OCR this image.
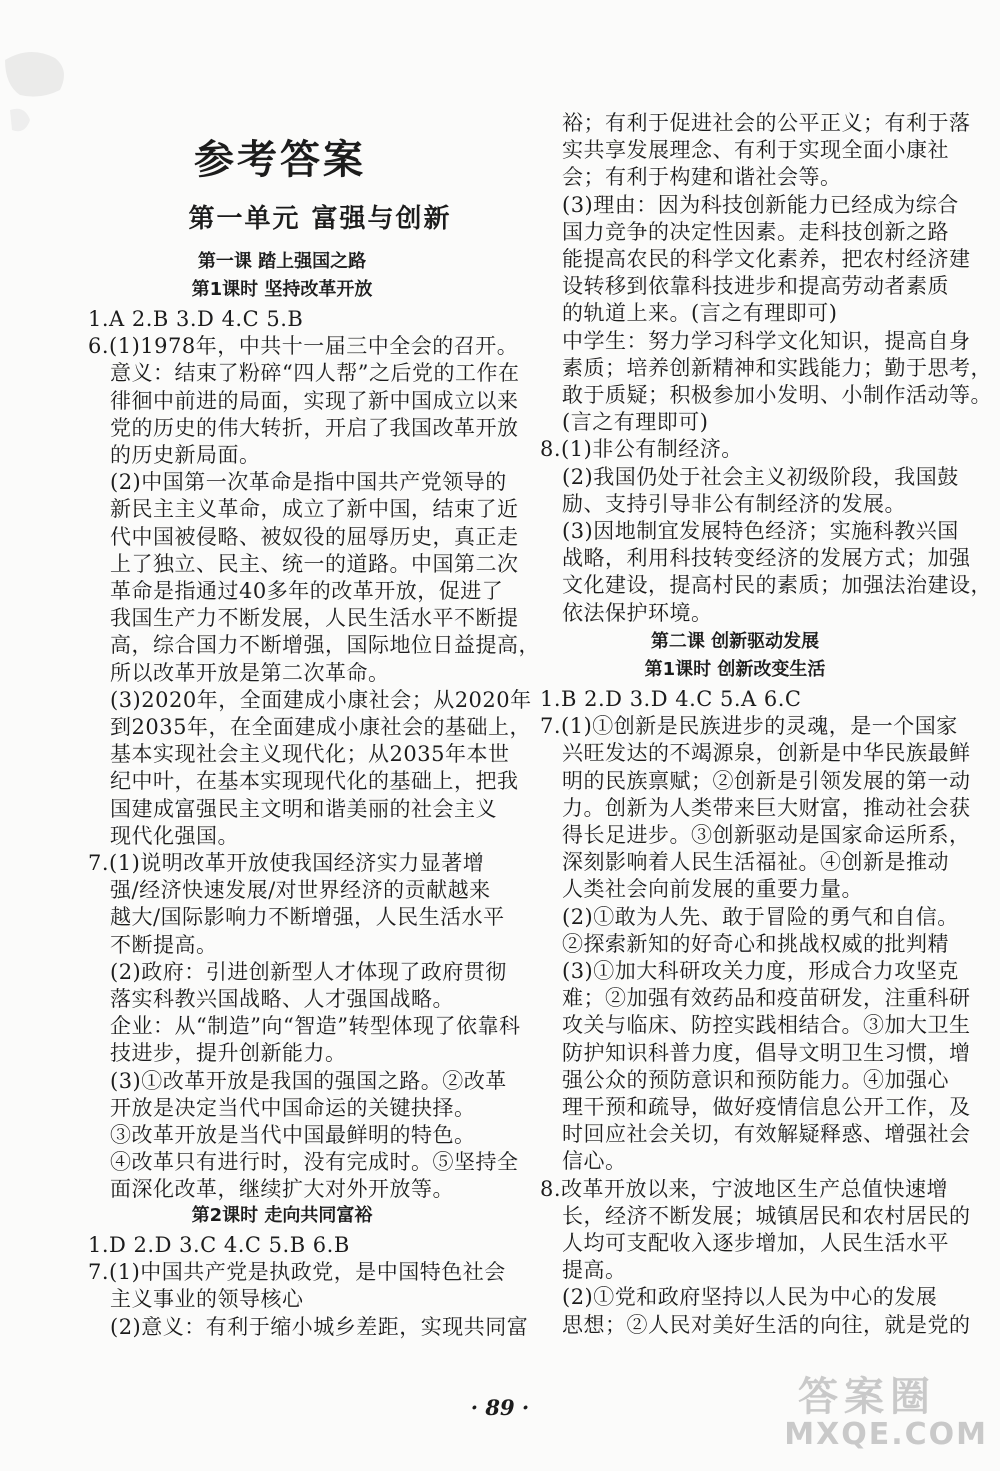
参考答案
第一单元 富强与创新
第一课 踏上强国之路
第1课时 坚持改革开放
1.A 2.B 3.D 4.C 5.B
6.(1)1978年，中共十一届三中全会的召开。
意义：结束了粉碎“四人帮”之后党的工作在
徘徊中前进的局面，实现了新中国成立以来
党的历史的伟大转折，开启了我国改革开放
的历史新局面。
(2)中国第一次革命是指中国共产党领导的
新民主主义革命，成立了新中国，结束了近
代中国被侵略、被奴役的屈辱历史，真正走
上了独立、民主、统一的道路。中国第二次
革命是指通过40多年的改革开放，促进了
我国生产力不断发展，人民生活水平不断提
高，综合国力不断增强，国际地位日益提高，
所以改革开放是第二次革命。
(3)2020年，全面建成小康社会；从2020年
到2035年，在全面建成小康社会的基础上，
基本实现社会主义现代化；从2035年本世
纪中叶，在基本实现现代化的基础上，把我
国建成富强民主文明和谐美丽的社会主义
现代化强国。
7.(1)说明改革开放使我国经济实力显著增
强/经济快速发展/对世界经济的贡献越来
越大/国际影响力不断增强，人民生活水平
不断提高。
(2)政府：引进创新型人才体现了政府贯彻
落实科教兴国战略、人才强国战略。
企业：从“制造”向“智造”转型体现了依靠科
技进步，提升创新能力。
(3)①改革开放是我国的强国之路。②改革
开放是决定当代中国命运的关键抉择。
③改革开放是当代中国最鲜明的特色。
④改革只有进行时，没有完成时。⑤坚持全
面深化改革，继续扩大对外开放等。
第2课时 走向共同富裕
1.D 2.D 3.C 4.C 5.B 6.B
7.(1)中国共产党是执政党，是中国特色社会
主义事业的领导核心
(2)意义：有利于缩小城乡差距，实现共同富
裕；有利于促进社会的公平正义；有利于落
实共享发展理念、有利于实现全面小康社
会；有利于构建和谐社会等。
(3)理由：因为科技创新能力已经成为综合
国力竞争的决定性因素。走科技创新之路
能提高农民的科学文化素养，把农村经济建
设转移到依靠科技进步和提高劳动者素质
的轨道上来。(言之有理即可)
中学生：努力学习科学文化知识，提高自身
素质；培养创新精神和实践能力；勤于思考，
敢于质疑；积极参加小发明、小制作活动等。
(言之有理即可)
8.(1)非公有制经济。
(2)我国仍处于社会主义初级阶段，我国鼓
励、支持引导非公有制经济的发展。
(3)因地制宜发展特色经济；实施科教兴国
战略，利用科技转变经济的发展方式；加强
文化建设，提高村民的素质；加强法治建设，
依法保护环境。
第二课 创新驱动发展
第1课时 创新改变生活
1.B 2.D 3.D 4.C 5.A 6.C
7.(1)①创新是民族进步的灵魂，是一个国家
兴旺发达的不竭源泉，创新是中华民族最鲜
明的民族禀赋；②创新是引领发展的第一动
力。创新为人类带来巨大财富，推动社会获
得长足进步。③创新驱动是国家命运所系，
深刻影响着人民生活福祉。④创新是推动
人类社会向前发展的重要力量。
(2)①敢为人先、敢于冒险的勇气和自信。
②探索新知的好奇心和挑战权威的批判精
(3)①加大科研攻关力度，形成合力攻坚克
难；②加强有效药品和疫苗研发，注重科研
攻关与临床、防控实践相结合。③加大卫生
防护知识科普力度，倡导文明卫生习惯，增
强公众的预防意识和预防能力。④加强心
理干预和疏导，做好疫情信息公开工作，及
时回应社会关切，有效解疑释惑、增强社会
信心。
8.改革开放以来，宁波地区生产总值快速增
长，经济不断发展；城镇居民和农村居民的
人均可支配收入逐步增加，人民生活水平
提高。
(2)①党和政府坚持以人民为中心的发展
思想；②人民对美好生活的向往，就是党的
· 89 ·	答案圈
MXQE.COM
